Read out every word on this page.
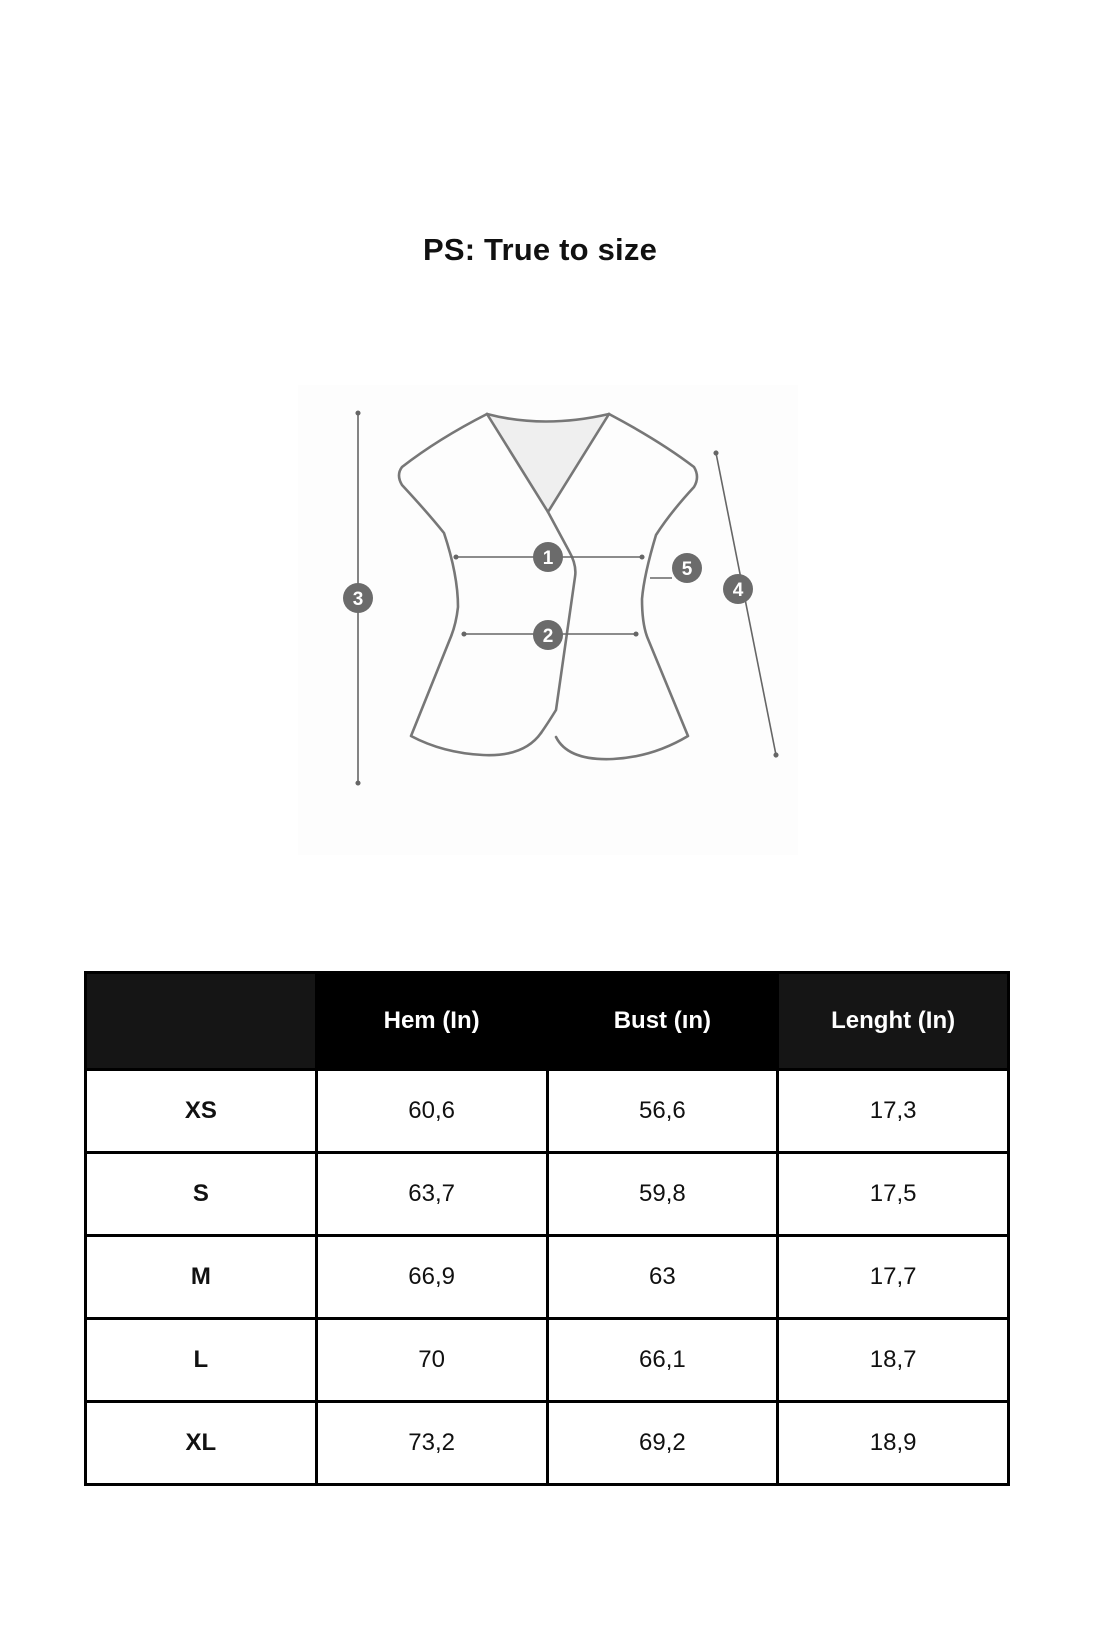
PS: True to size
1
2
3	4
5
	Hem (In)	Bust (ın)	Lenght (In)
XS	60,6	56,6	17,3
S	63,7	59,8	17,5
M	66,9	63	17,7
L	70	66,1	18,7
XL	73,2	69,2	18,9
